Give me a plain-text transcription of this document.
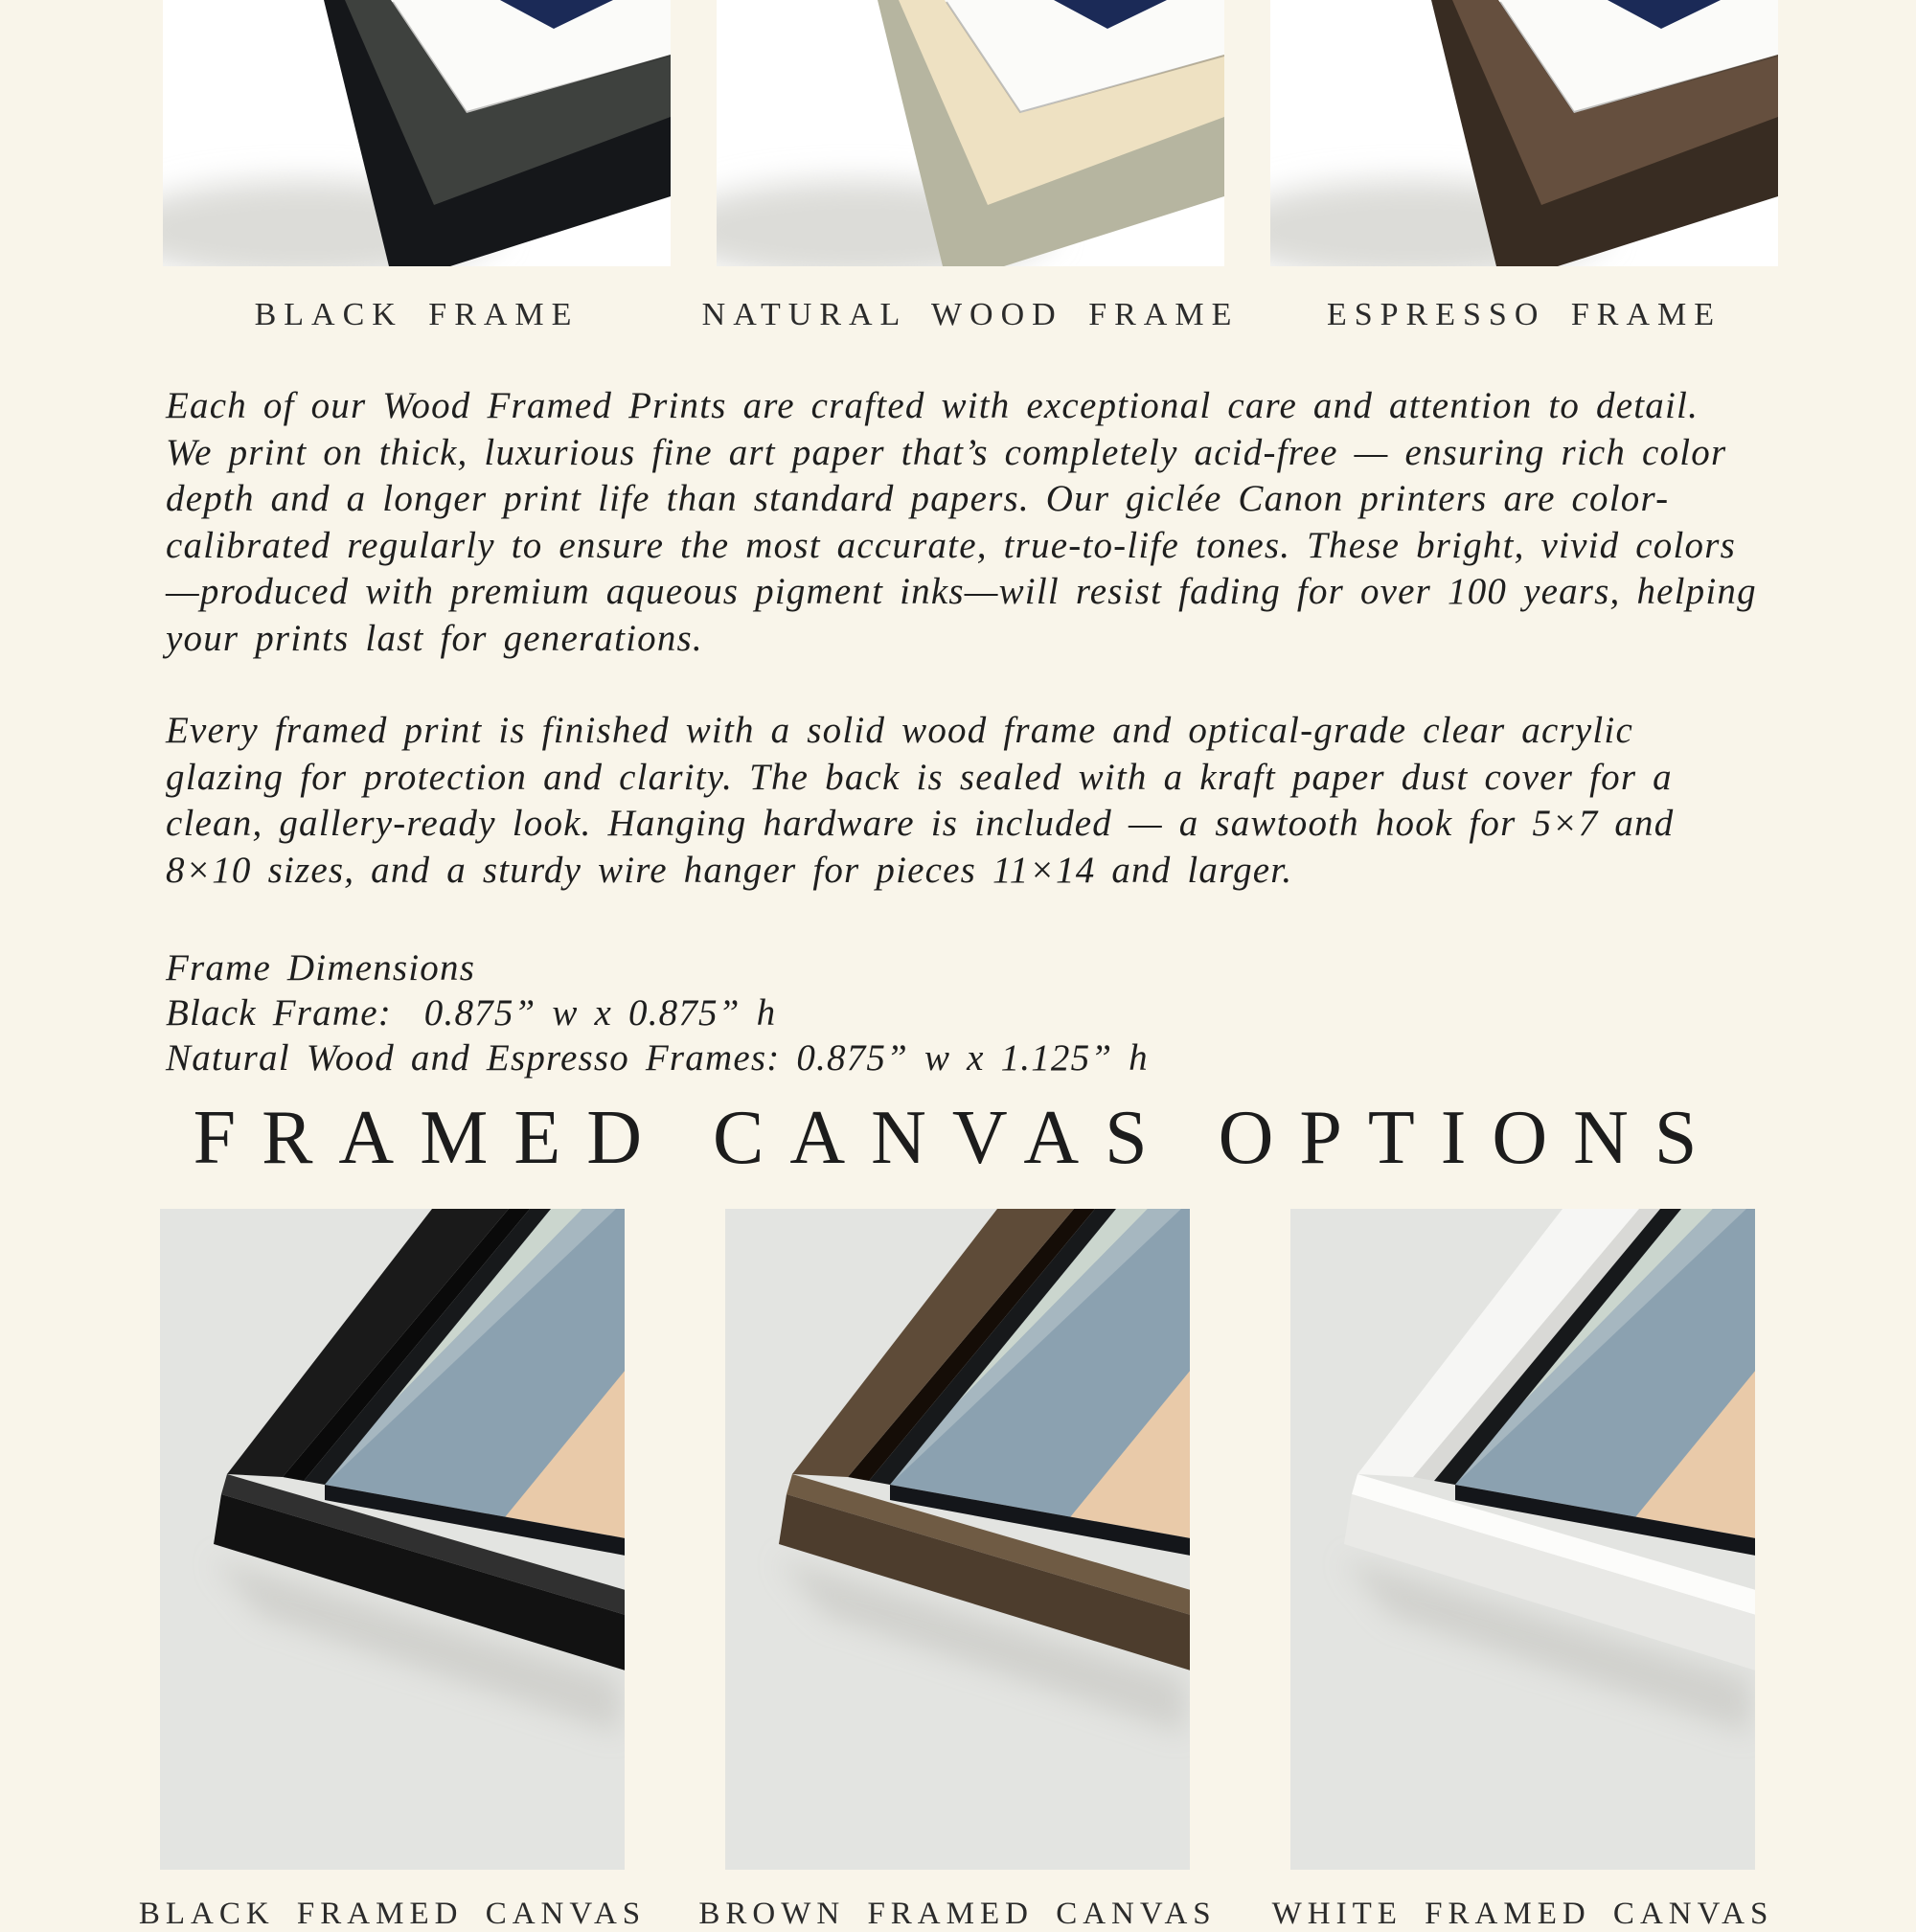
BLACK FRAME	NATURAL WOOD FRAME	ESPRESSO FRAME

Each of our Wood Framed Prints are crafted with exceptional care and attention to detail. We print on thick, luxurious fine art paper that’s completely acid-free — ensuring rich color depth and a longer print life than standard papers. Our giclée Canon printers are color-calibrated regularly to ensure the most accurate, true-to-life tones. These bright, vivid colors—produced with premium aqueous pigment inks—will resist fading for over 100 years, helping your prints last for generations.

Every framed print is finished with a solid wood frame and optical-grade clear acrylic glazing for protection and clarity. The back is sealed with a kraft paper dust cover for a clean, gallery-ready look. Hanging hardware is included — a sawtooth hook for 5×7 and 8×10 sizes, and a sturdy wire hanger for pieces 11×14 and larger.

Frame Dimensions
Black Frame:  0.875” w x 0.875” h
Natural Wood and Espresso Frames: 0.875” w x 1.125” h
FRAMED CANVAS OPTIONS
BLACK FRAMED CANVAS BROWN FRAMED CANVAS WHITE FRAMED CANVAS
